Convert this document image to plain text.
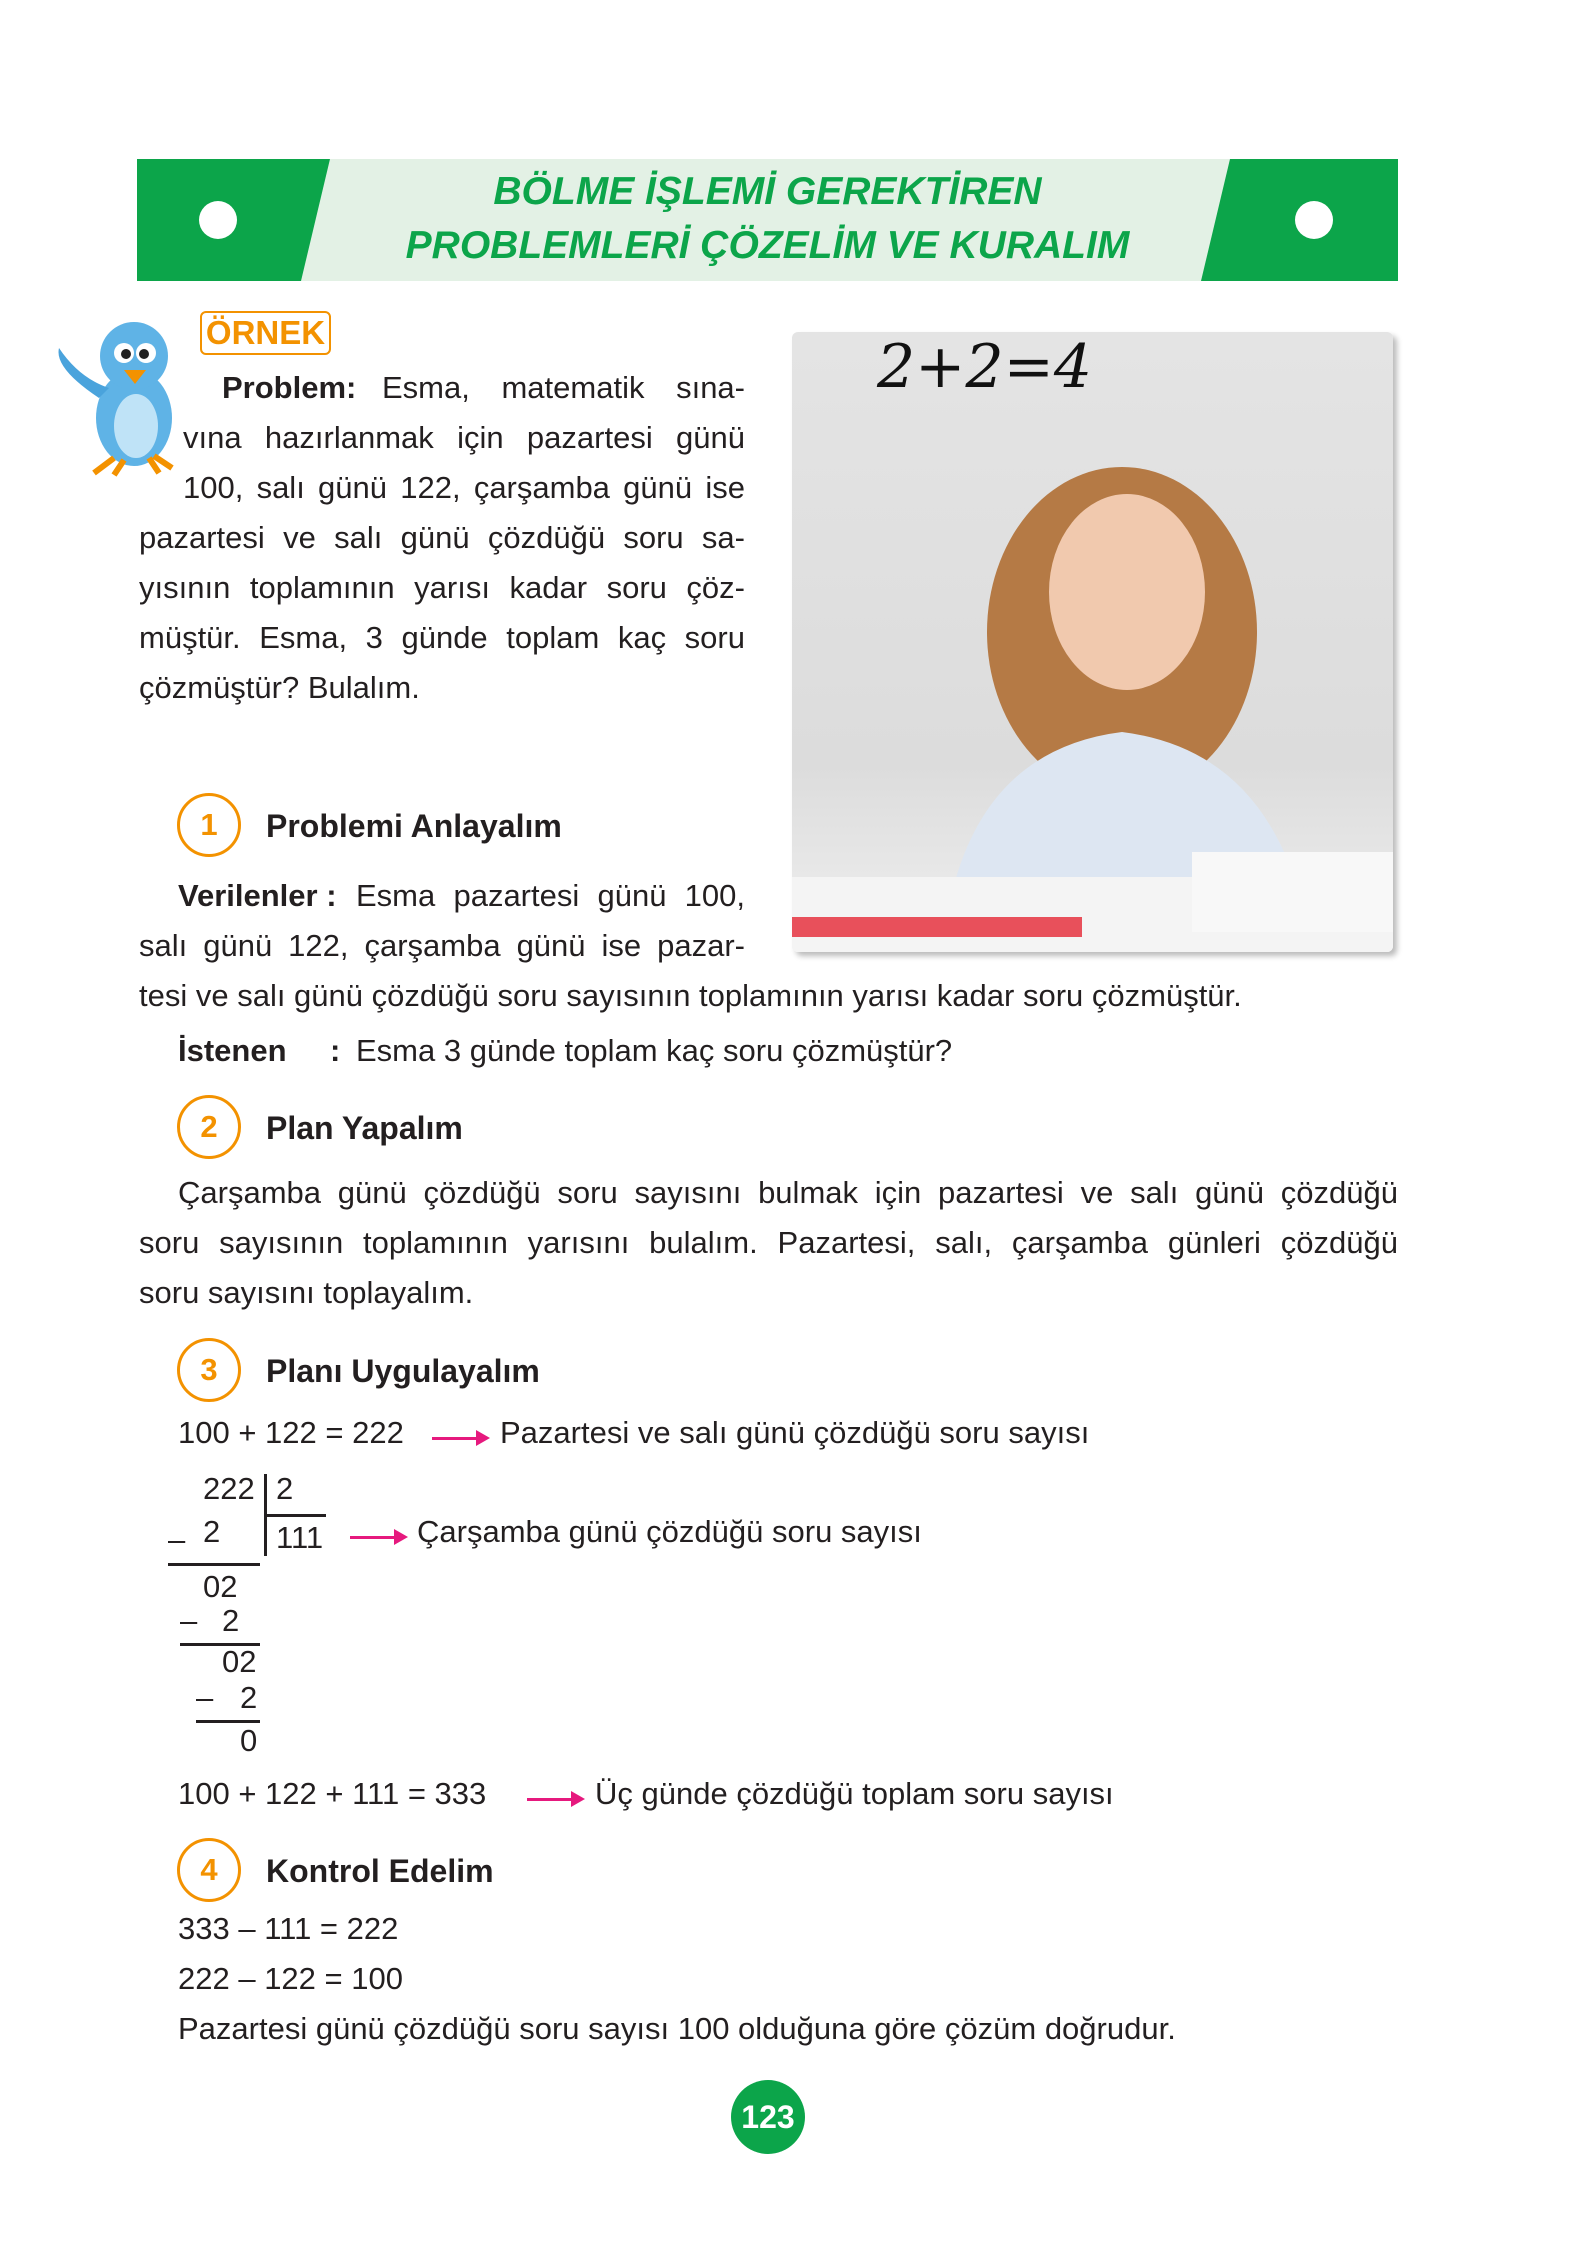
BÖLME İŞLEMİ GEREKTİREN
PROBLEMLERİ ÇÖZELİM VE KURALIM
ÖRNEK
Problem: Esma, matematik sına-
vına hazırlanmak için pazartesi günü
100, salı günü 122, çarşamba günü ise
pazartesi ve salı günü çözdüğü soru sa-
yısının toplamının yarısı kadar soru çöz-
müştür. Esma, 3 günde toplam kaç soru
çözmüştür? Bulalım.
2+2=4
1	Problemi Anlayalım
Verilenler : Esma pazartesi günü 100,
salı günü 122, çarşamba günü ise pazar-
tesi ve salı günü çözdüğü soru sayısının toplamının yarısı kadar soru çözmüştür.
İstenen : Esma 3 günde toplam kaç soru çözmüştür?
2	Plan Yapalım
Çarşamba günü çözdüğü soru sayısını bulmak için pazartesi ve salı günü çözdüğü
soru sayısının toplamının yarısını bulalım. Pazartesi, salı, çarşamba günleri çözdüğü
soru sayısını toplayalım.
3	Planı Uygulayalım
100 + 122 = 222	Pazartesi ve salı günü çözdüğü soru sayısı
222 2
– 2 111
02
– 2
02
– 2
0
Çarşamba günü çözdüğü soru sayısı
100 + 122 + 111 = 333	Üç günde çözdüğü toplam soru sayısı
4	Kontrol Edelim
333 – 111 = 222
222 – 122 = 100
Pazartesi günü çözdüğü soru sayısı 100 olduğuna göre çözüm doğrudur.
123
